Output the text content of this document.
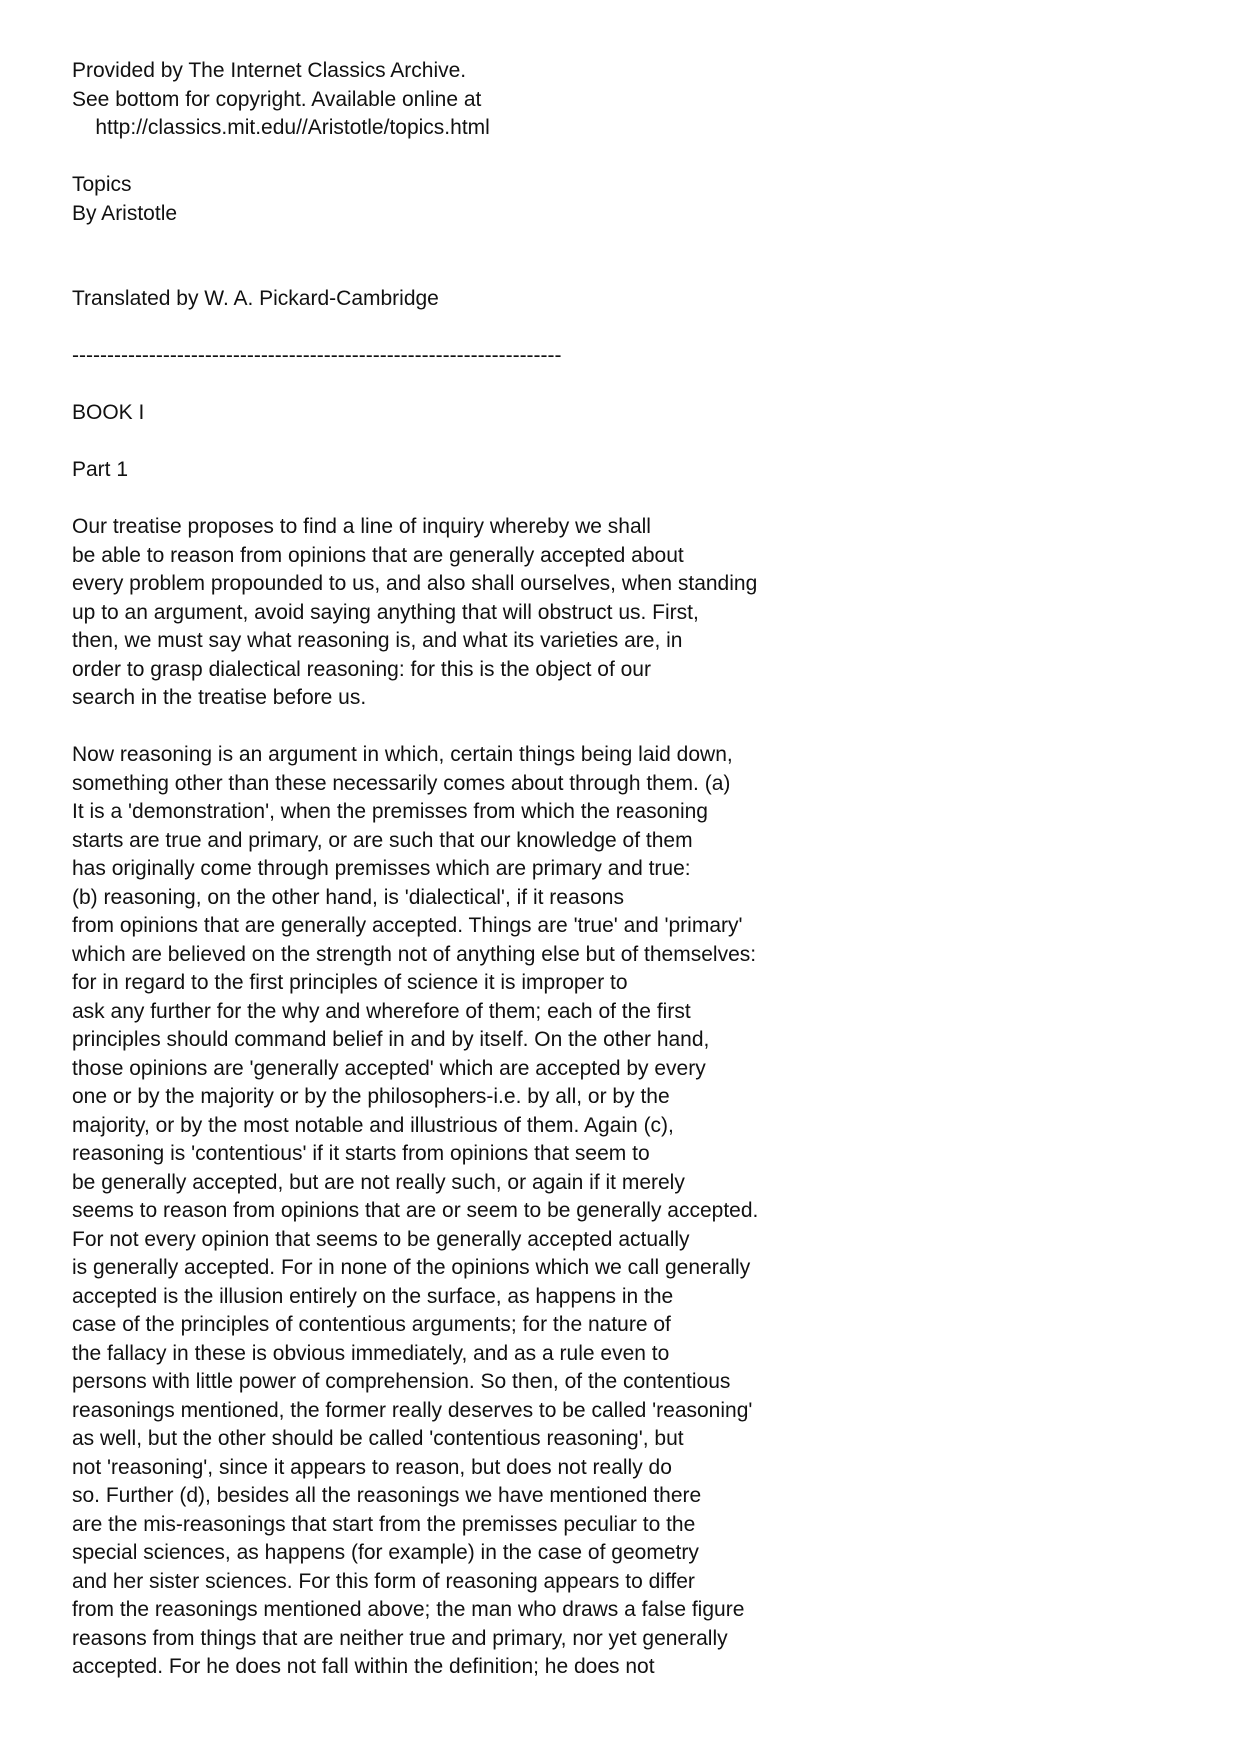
Provided by The Internet Classics Archive.
See bottom for copyright. Available online at
http://classics.mit.edu//Aristotle/topics.html
Topics
By Aristotle
Translated by W. A. Pickard-Cambridge
----------------------------------------------------------------------
BOOK I
Part 1
Our treatise proposes to find a line of inquiry whereby we shall
be able to reason from opinions that are generally accepted about
every problem propounded to us, and also shall ourselves, when standing
up to an argument, avoid saying anything that will obstruct us. First,
then, we must say what reasoning is, and what its varieties are, in
order to grasp dialectical reasoning: for this is the object of our
search in the treatise before us.
Now reasoning is an argument in which, certain things being laid down,
something other than these necessarily comes about through them. (a)
It is a 'demonstration', when the premisses from which the reasoning
starts are true and primary, or are such that our knowledge of them
has originally come through premisses which are primary and true:
(b) reasoning, on the other hand, is 'dialectical', if it reasons
from opinions that are generally accepted. Things are 'true' and 'primary'
which are believed on the strength not of anything else but of themselves:
for in regard to the first principles of science it is improper to
ask any further for the why and wherefore of them; each of the first
principles should command belief in and by itself. On the other hand,
those opinions are 'generally accepted' which are accepted by every
one or by the majority or by the philosophers-i.e. by all, or by the
majority, or by the most notable and illustrious of them. Again (c),
reasoning is 'contentious' if it starts from opinions that seem to
be generally accepted, but are not really such, or again if it merely
seems to reason from opinions that are or seem to be generally accepted.
For not every opinion that seems to be generally accepted actually
is generally accepted. For in none of the opinions which we call generally
accepted is the illusion entirely on the surface, as happens in the
case of the principles of contentious arguments; for the nature of
the fallacy in these is obvious immediately, and as a rule even to
persons with little power of comprehension. So then, of the contentious
reasonings mentioned, the former really deserves to be called 'reasoning'
as well, but the other should be called 'contentious reasoning', but
not 'reasoning', since it appears to reason, but does not really do
so. Further (d), besides all the reasonings we have mentioned there
are the mis-reasonings that start from the premisses peculiar to the
special sciences, as happens (for example) in the case of geometry
and her sister sciences. For this form of reasoning appears to differ
from the reasonings mentioned above; the man who draws a false figure
reasons from things that are neither true and primary, nor yet generally
accepted. For he does not fall within the definition; he does not
